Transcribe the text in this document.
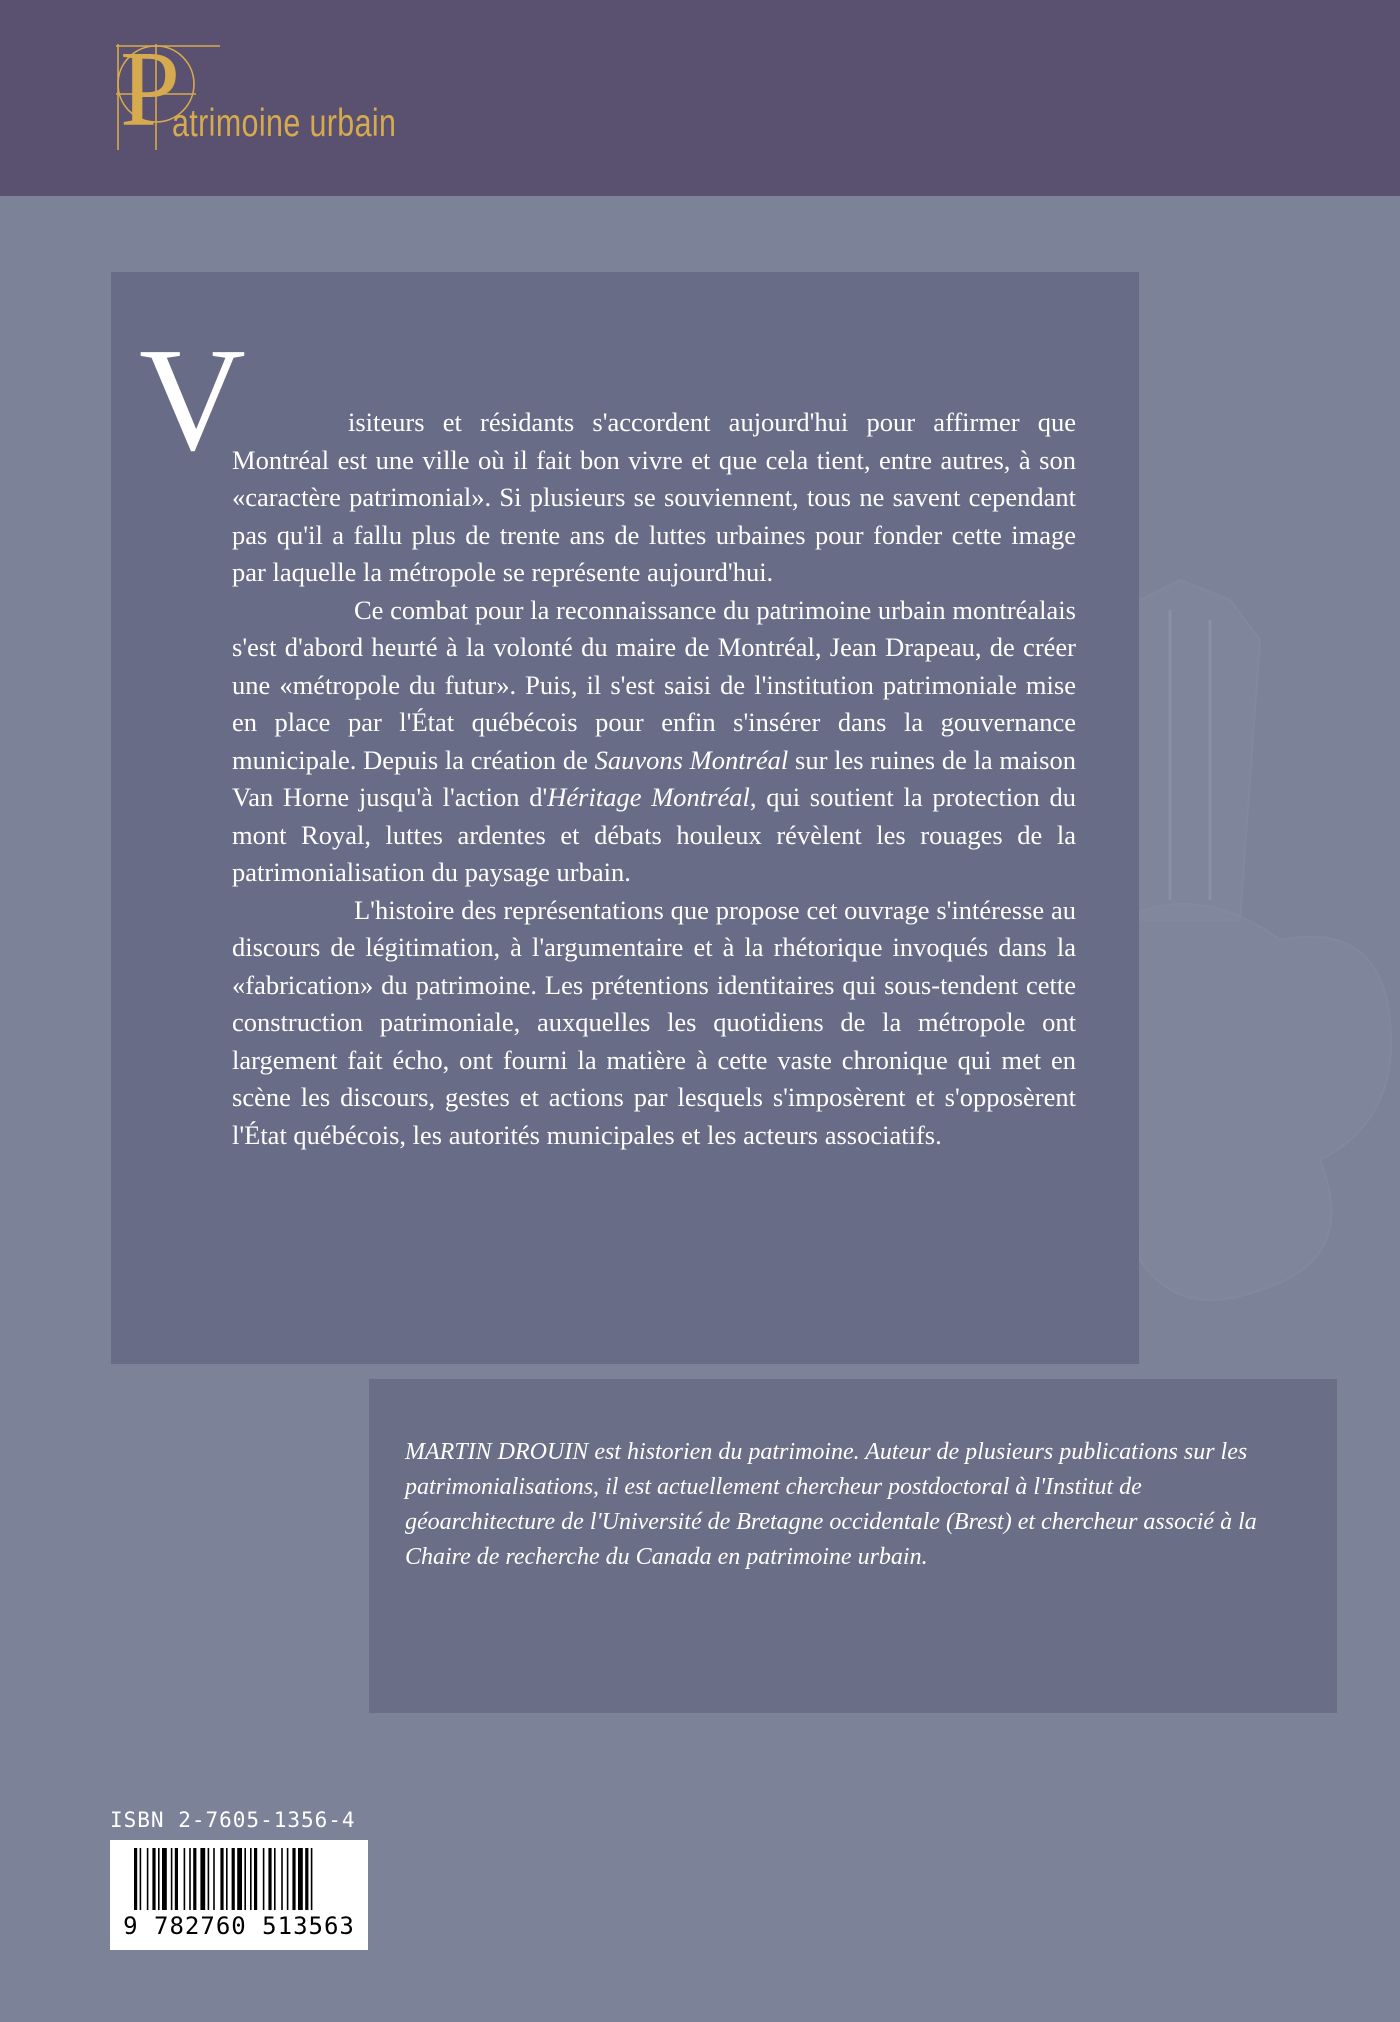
P
atrimoine urbain
V	isiteurs et résidants s'accordent aujourd'hui pour affirmer que Montréal est une ville où il fait bon vivre et que cela tient, entre autres, à son «caractère patrimonial». Si plusieurs se souviennent, tous ne savent cependant pas qu'il a fallu plus de trente ans de luttes urbaines pour fonder cette image par laquelle la métropole se représente aujourd'hui.

Ce combat pour la reconnaissance du patrimoine urbain montréalais s'est d'abord heurté à la volonté du maire de Montréal, Jean Drapeau, de créer une «métropole du futur». Puis, il s'est saisi de l'institution patrimoniale mise en place par l'État québécois pour enfin s'insérer dans la gouvernance municipale. Depuis la création de Sauvons Montréal sur les ruines de la maison Van Horne jusqu'à l'action d'Héritage Montréal, qui soutient la protection du mont Royal, luttes ardentes et débats houleux révèlent les rouages de la patrimonialisation du paysage urbain.

L'histoire des représentations que propose cet ouvrage s'intéresse au discours de légitimation, à l'argumentaire et à la rhétorique invoqués dans la «fabrication» du patrimoine. Les prétentions identitaires qui sous-tendent cette construction patrimoniale, auxquelles les quotidiens de la métropole ont largement fait écho, ont fourni la matière à cette vaste chronique qui met en scène les discours, gestes et actions par lesquels s'imposèrent et s'opposèrent l'État québécois, les autorités municipales et les acteurs associatifs.

MARTIN DROUIN est historien du patrimoine. Auteur de plusieurs publications sur les patrimonialisations, il est actuellement chercheur postdoctoral à l'Institut de géoarchitecture de l'Université de Bretagne occidentale (Brest) et chercheur associé à la Chaire de recherche du Canada en patrimoine urbain.

ISBN 2-7605-1356-4
9 782760 513563
